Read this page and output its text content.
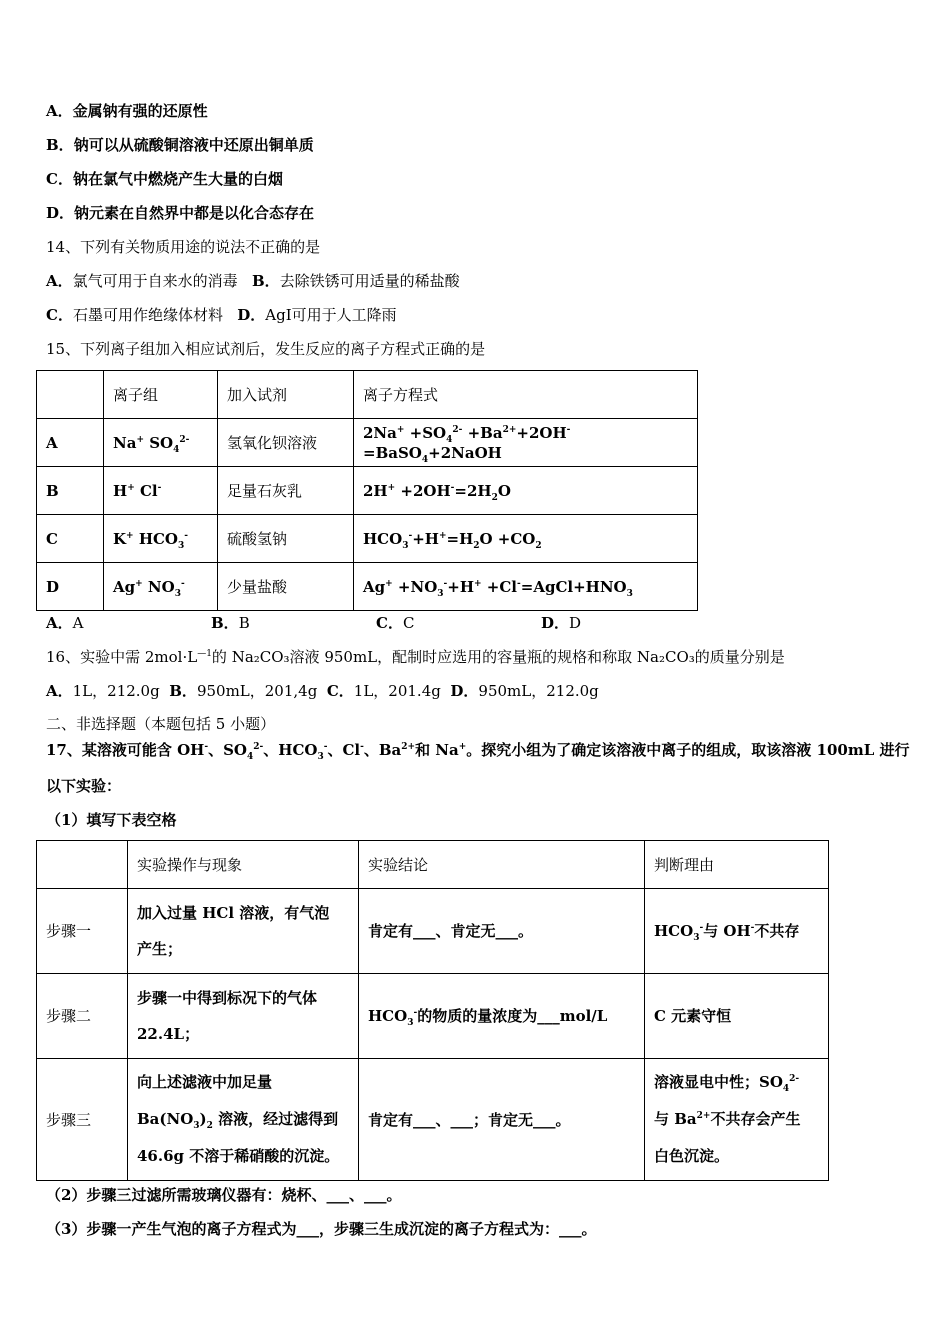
A．金属钠有强的还原性
B．钠可以从硫酸铜溶液中还原出铜单质
C．钠在氯气中燃烧产生大量的白烟
D．钠元素在自然界中都是以化合态存在
14、下列有关物质用途的说法不正确的是
A．氯气可用于自来水的消毒 B．去除铁锈可用适量的稀盐酸
C．石墨可用作绝缘体材料 D．AgI可用于人工降雨
15、下列离子组加入相应试剂后，发生反应的离子方程式正确的是
	离子组	加入试剂	离子方程式
A	Na+ $SO_4^{2-}$	氢氧化钡溶液	$2Na^+ +SO_4^{2-}$ $+Ba^{2+}+2OH^-=BaSO_4+2NaOH$
B	H+ Cl-	足量石灰乳	$2H^+ +2OH^-=2H_2O$
C	K+ $HCO_3^-$	硫酸氢钠	$HCO_3^-+H^+=H_2O +CO_2$
D	Ag+ $NO_3^-$	少量盐酸	$Ag^+ +NO_3^-+H^+$ $+Cl^-=AgCl+HNO_3$
A．A	B．B	C．C	D．D
16、实验中需 $2mol\cdot L^{—1}$的 Na₂CO₃溶液 950mL，配制时应选用的容量瓶的规格和称取 Na₂CO₃的质量分别是
A．1L，212.0g B．950mL，201,4g C．1L，201.4g D．950mL，212.0g
二、非选择题（本题包括 5 小题）
17、某溶液可能含 OH-、$SO_4^{2-}$、$HCO_3^-$、Cl-、$Ba^{2+}$和 Na+。探究小组为了确定该溶液中离子的组成，取该溶液 100mL 进行
以下实验：
（1）填写下表空格
	实验操作与现象	实验结论	判断理由
步骤一	加入过量 HCl 溶液，有气泡
产生；	肯定有___、肯定无___。	$HCO_3^-$与 OH-不共存
步骤二	步骤一中得到标况下的气体
22.4L；	$HCO_3^-$的物质的量浓度为___mol/L	C 元素守恒
步骤三	向上述滤液中加足量
$Ba(NO_3)_2$ 溶液，经过滤得到
46.6g 不溶于稀硝酸的沉淀。	肯定有___、___；肯定无___。	溶液显电中性；$SO_4^{2-}$
与 $Ba^{2+}$不共存会产生
白色沉淀。
（2）步骤三过滤所需玻璃仪器有：烧杯、___、___。
（3）步骤一产生气泡的离子方程式为___，步骤三生成沉淀的离子方程式为：___。
